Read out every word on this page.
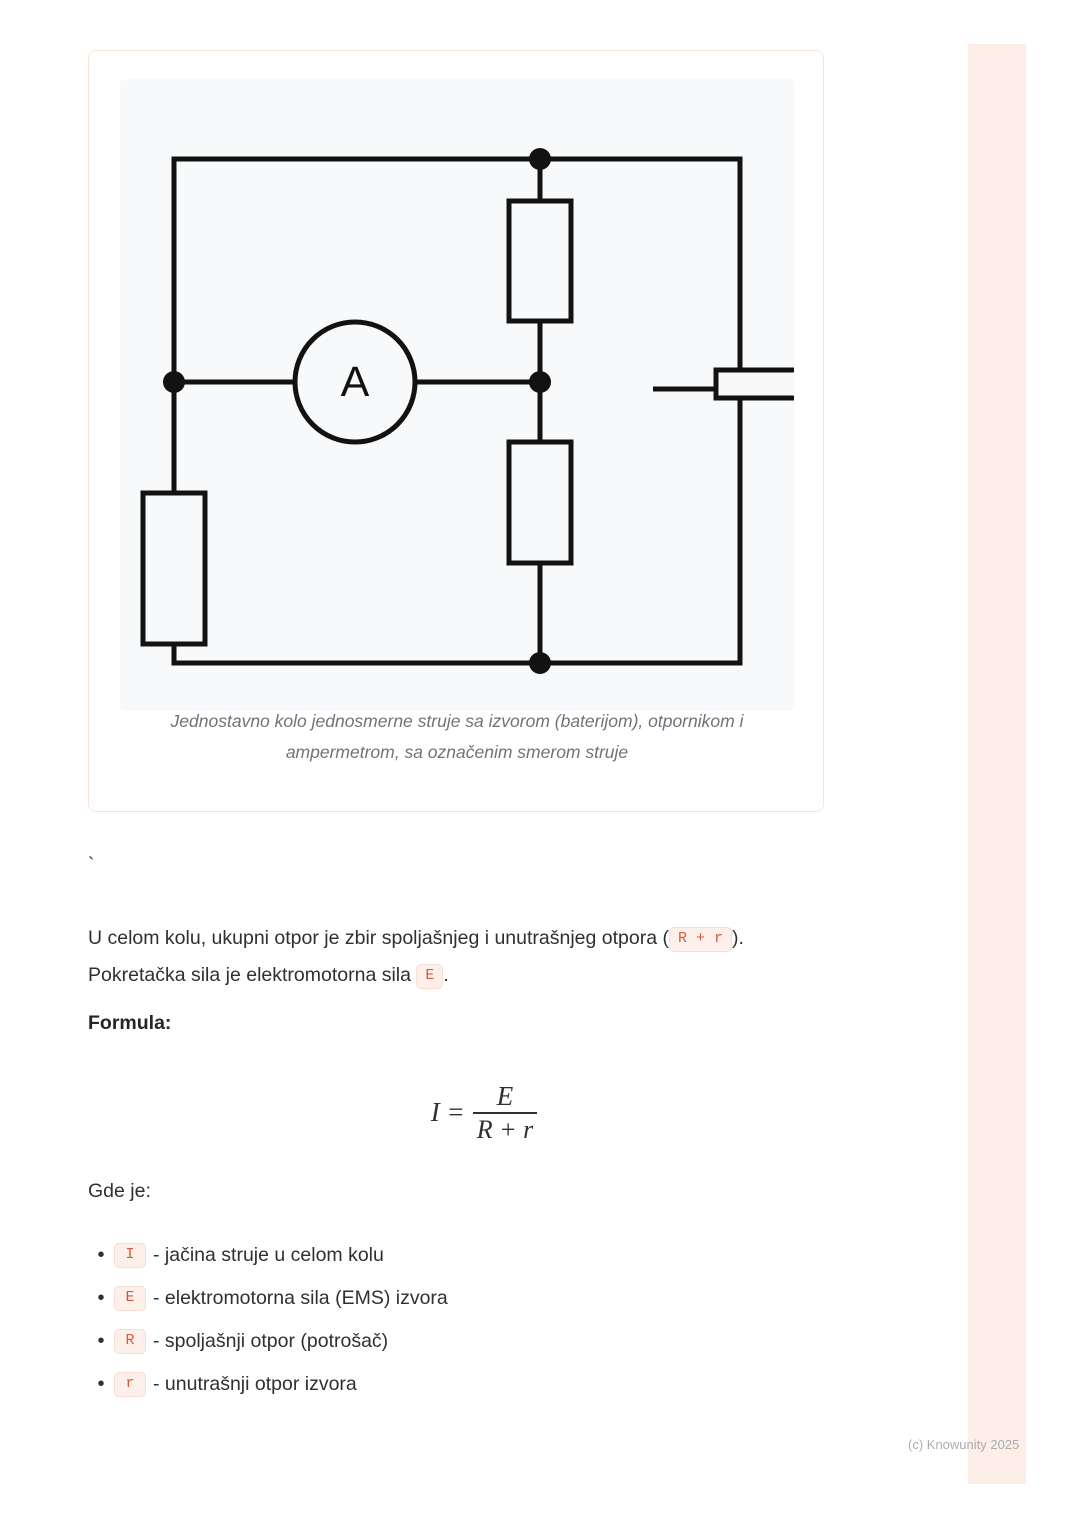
A
Jednostavno kolo jednosmerne struje sa izvorom (baterijom), otpornikom i ampermetrom, sa označenim smerom struje
`
U celom kolu, ukupni otpor je zbir spoljašnjeg i unutrašnjeg otpora ( R + r ).
Pokretačka sila je elektromotorna sila E .
Formula:
$I = \frac{E}{R + r}$
Gde je:
•	I - jačina struje u celom kolu
•	E - elektromotorna sila (EMS) izvora
•	R - spoljašnji otpor (potrošač)
•	r - unutrašnji otpor izvora
(c) Knowunity 2025
